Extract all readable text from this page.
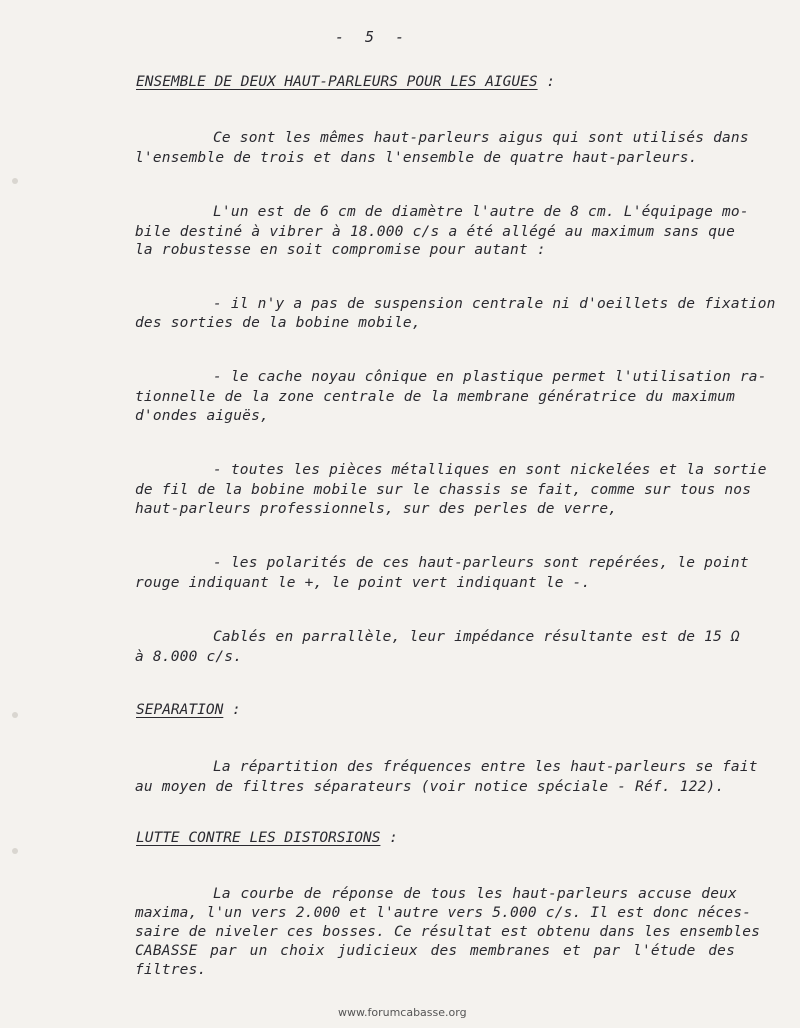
- 5 -
ENSEMBLE DE DEUX HAUT-PARLEURS POUR LES AIGUES :
Ce sont les mêmes haut-parleurs aigus qui sont utilisés dans
l'ensemble de trois et dans l'ensemble de quatre haut-parleurs.
L'un est de 6 cm de diamètre l'autre de 8 cm. L'équipage mo-
bile destiné à vibrer à 18.000 c/s a été allégé au maximum sans que
la robustesse en soit compromise pour autant :
- il n'y a pas de suspension centrale ni d'oeillets de fixation
des sorties de la bobine mobile,
- le cache noyau cônique en plastique permet l'utilisation ra-
tionnelle de la zone centrale de la membrane génératrice du maximum
d'ondes aiguës,
- toutes les pièces métalliques en sont nickelées et la sortie
de fil de la bobine mobile sur le chassis se fait, comme sur tous nos
haut-parleurs professionnels, sur des perles de verre,
- les polarités de ces haut-parleurs sont repérées, le point
rouge indiquant le +, le point vert indiquant le -.
Cablés en parrallèle, leur impédance résultante est de 15 Ω
à 8.000 c/s.
SEPARATION :
La répartition des fréquences entre les haut-parleurs se fait
au moyen de filtres séparateurs (voir notice spéciale - Réf. 122).
LUTTE CONTRE LES DISTORSIONS :
La courbe de réponse de tous les haut-parleurs accuse deux
maxima, l'un vers 2.000 et l'autre vers 5.000 c/s. Il est donc néces-
saire de niveler ces bosses. Ce résultat est obtenu dans les ensembles
CABASSE par un choix judicieux des membranes et par l'étude des
filtres.
www.forumcabasse.org
